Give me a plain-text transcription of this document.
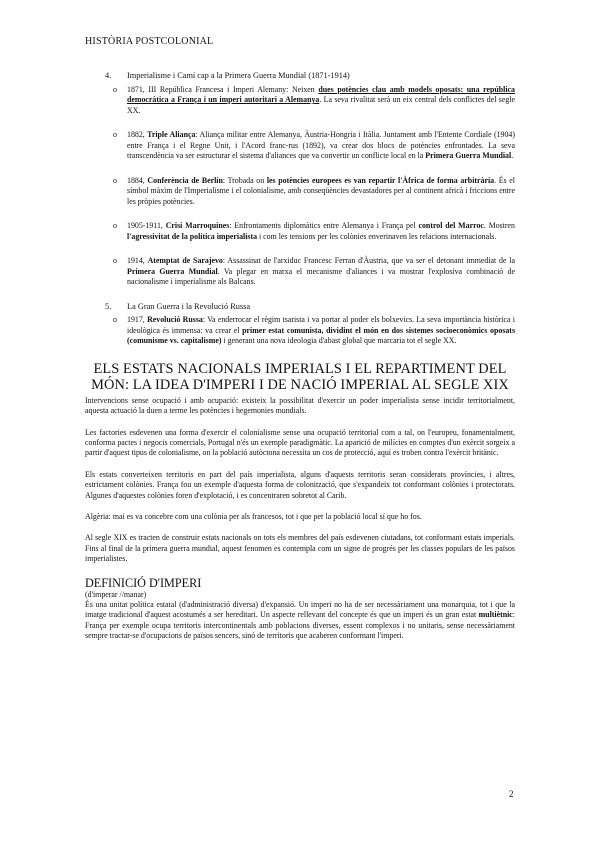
HISTÒRIA POSTCOLONIAL
4.	Imperialisme i Camí cap a la Primera Guerra Mundial (1871-1914)
o	1871, III República Francesa i Imperi Alemany: Neixen dues potències clau amb models oposats: una república democràtica a França i un imperi autoritari a Alemanya. La seva rivalitat serà un eix central dels conflictes del segle XX.
o	1882, Triple Aliança: Aliança militar entre Alemanya, Àustria-Hongria i Itàlia. Juntament amb l'Entente Cordiale (1904) entre França i el Regne Unit, i l'Acord franc-rus (1892), va crear dos blocs de potències enfrontades. La seva transcendència va ser estructurar el sistema d'aliances que va convertir un conflicte local en la Primera Guerra Mundial.
o	1884, Conferència de Berlín: Trobada on les potències europees es van repartir l'Àfrica de forma arbitrària. És el símbol màxim de l'Imperialisme i el colonialisme, amb conseqüències devastadores per al continent africà i friccions entre les pròpies potències.
o	1905-1911, Crisi Marroquines: Enfrontaments diplomàtics entre Alemanya i França pel control del Marroc. Mostren l'agressivitat de la política imperialista i com les tensions per les colònies enverinaven les relacions internacionals.
o	1914, Atemptat de Sarajevo: Assassinat de l'arxiduc Francesc Ferran d'Àustria, que va ser el detonant immediat de la Primera Guerra Mundial. Va plegar en marxa el mecanisme d'aliances i va mostrar l'explosiva combinació de nacionalisme i imperialisme als Balcans.
5.	La Gran Guerra i la Revolució Russa
o	1917, Revolució Russa: Va enderrocar el règim tsarista i va portar al poder els bolxevics. La seva importància històrica i ideològica és immensa: va crear el primer estat comunista, dividint el món en dos sistemes socioeconòmics oposats (comunisme vs. capitalisme) i generant una nova ideologia d'abast global que marcaria tot el segle XX.
ELS ESTATS NACIONALS IMPERIALS I EL REPARTIMENT DEL MÓN: LA IDEA D'IMPERI I DE NACIÓ IMPERIAL AL SEGLE XIX

Intervencions sense ocupació i amb ocupació: existeix la possibilitat d'exercir un poder imperialista sense incidir territorialment, aquesta actuació la duen a terme les potències i hegemonies mundials.

Les factories esdevenen una forma d'exercir el colonialisme sense una ocupació territorial com a tal, on l'europeu, fonamentalment, conforma pactes i negocis comercials, Portugal n'és un exemple paradigmàtic. La aparició de milícies en comptes d'un exèrcit sorgeix a partir d'aquest tipus de colonialisme, on la població autòctona necessita un cos de protecció, aquí es troben contra l'exèrcit britànic.

Els estats converteixen territoris en part del país imperialista, alguns d'aquests territoris seran considerats províncies, i altres, estrictament colònies. França fou un exemple d'aquesta forma de colonització, que s'expandeix tot conformant colònies i protectorats. Algunes d'aquestes colònies foren d'explotació, i es concentraren sobretot al Carib.

Algèria: mai es va concebre com una colònia per als francesos, tot i que per la població local sí que ho fos.

Al segle XIX es tracten de construir estats nacionals on tots els membres del país esdevenen ciutadans, tot conformant estats imperials. Fins al final de la primera guerra mundial, aquest fenomen es contempla com un signe de progrés per les classes populars de les països imperialistes.

DEFINICIÓ D'IMPERI

(d'imperar //manar)

És una unitat política estatal (d'administració diversa) d'expansió. Un imperi no ha de ser necessàriament una monarquia, tot i que la imatge tradicional d'aquest acostumés a ser hereditari. Un aspecte rellevant del concepte és que un imperi és un gran estat multiètnic: França per exemple ocupa territoris intercontinentals amb poblacions diverses, essent complexos i no unitaris, sense necessàriament sempre tractar-se d'ocupacions de països sencers, sinó de territoris que acaberen conformant l'imperi.

2
